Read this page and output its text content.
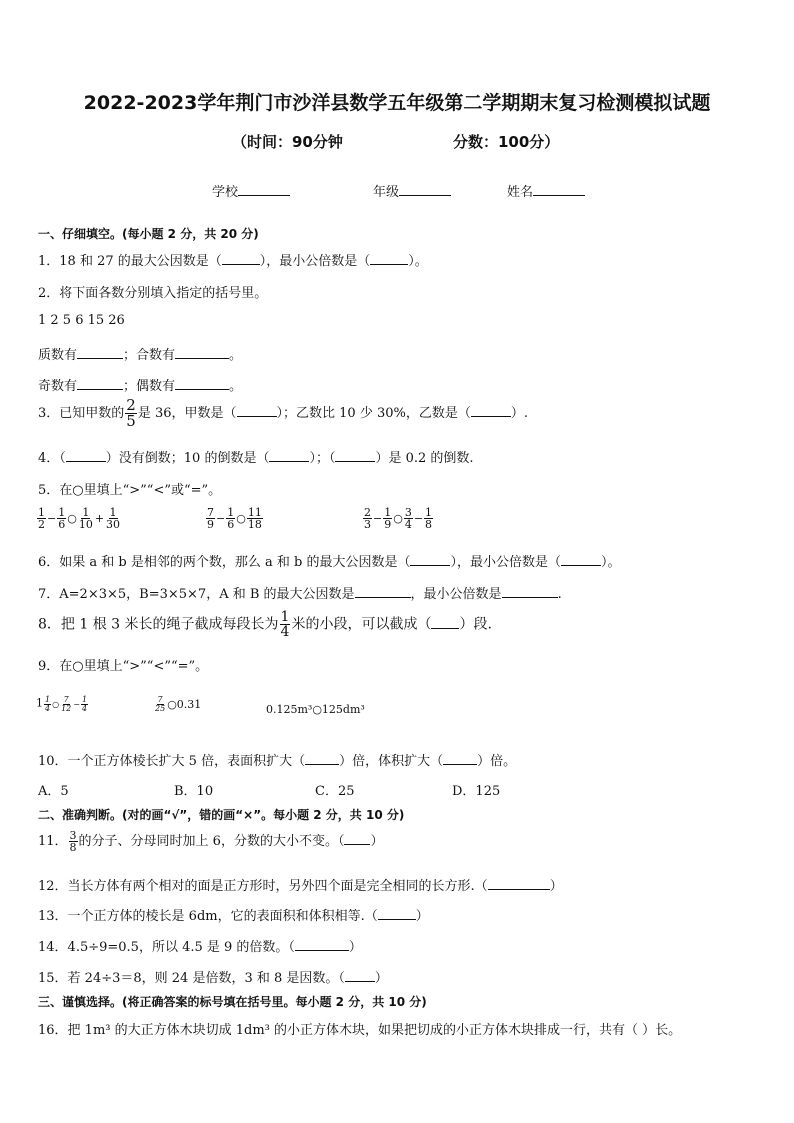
2022-2023学年荆门市沙洋县数学五年级第二学期期末复习检测模拟试题
（时间：90分钟	分数：100分）
学校	年级	姓名
一、仔细填空。(每小题 2 分，共 20 分)
1．18 和 27 的最大公因数是（	），最小公倍数是（	）。
2．将下面各数分别填入指定的括号里。
1 2 5 6 15 26
质数有	；合数有	。
奇数有	；偶数有	。
3．已知甲数的 $\frac{2}{5}$ 是 36，甲数是（	）；乙数比 10 少 30%，乙数是（	）.
4．（	）没有倒数；10 的倒数是（	）；（	）是 0.2 的倒数.
5．在○里填上“>”“<”或“=”。
$\frac{1}{2} - \frac{1}{6}$ ○ $\frac{1}{10} + \frac{1}{30}$	$\frac{7}{9} - \frac{1}{6}$ ○ $\frac{11}{18}$	$\frac{2}{3} - \frac{1}{9}$ ○ $\frac{3}{4} - \frac{1}{8}$
6．如果 a 和 b 是相邻的两个数，那么 a 和 b 的最大公因数是（	），最小公倍数是（	）。
7．A=2×3×5，B=3×5×7，A 和 B 的最大公因数是	，最小公倍数是	.
8．把 1 根 3 米长的绳子截成每段长为 $\frac{1}{4}$ 米的小段，可以截成（ ）段.
9．在○里填上“>”“<”“=”。
$1 \frac{1}{4}$ ○ $\frac{7}{12} - \frac{1}{4}$	$\frac{7}{25}$ ○0.31	0.125m³○125dm³
10．一个正方体棱长扩大 5 倍，表面积扩大（	）倍，体积扩大（	）倍。
A．5	B．10	C．25	D．125
二、准确判断。(对的画“√”，错的画“×”。每小题 2 分，共 10 分)
11． $\frac{3}{8}$ 的分子、分母同时加上 6，分数的大小不变。（ ）
12．当长方体有两个相对的面是正方形时，另外四个面是完全相同的长方形.（	）
13．一个正方体的棱长是 6dm，它的表面积和体积相等.（	）
14．4.5÷9=0.5，所以 4.5 是 9 的倍数。（	）
15．若 24÷3＝8，则 24 是倍数，3 和 8 是因数。（ ）
三、谨慎选择。(将正确答案的标号填在括号里。每小题 2 分，共 10 分)
16．把 1m³ 的大正方体木块切成 1dm³ 的小正方体木块，如果把切成的小正方体木块排成一行，共有（ ）长。
